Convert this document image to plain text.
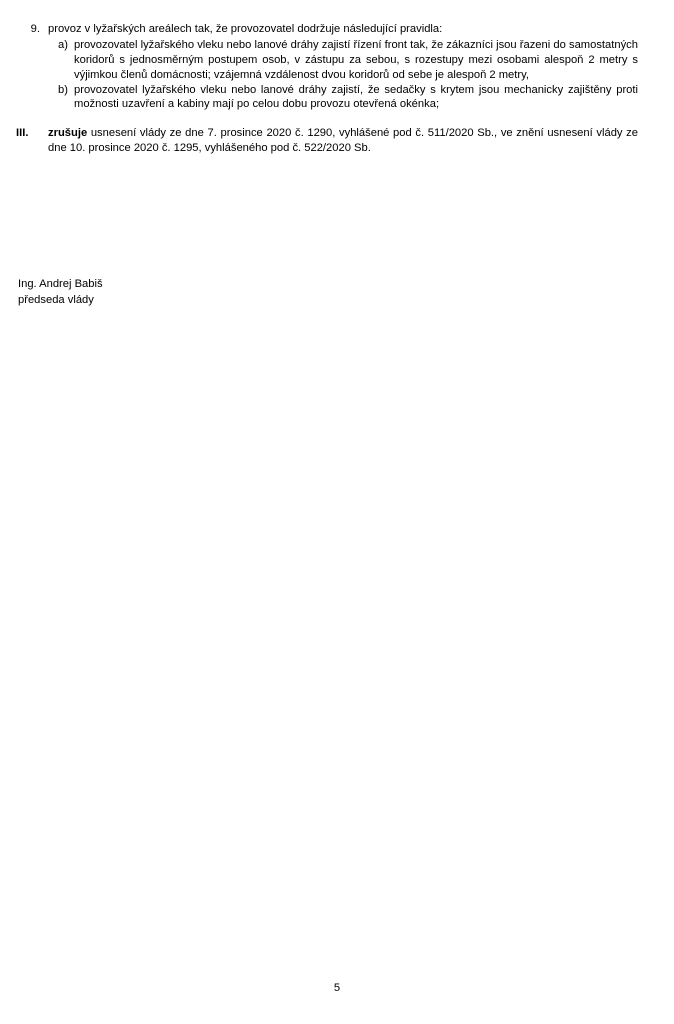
9. provoz v lyžařských areálech tak, že provozovatel dodržuje následující pravidla:
a) provozovatel lyžařského vleku nebo lanové dráhy zajistí řízení front tak, že zákazníci jsou řazeni do samostatných koridorů s jednosměrným postupem osob, v zástupu za sebou, s rozestupy mezi osobami alespoň 2 metry s výjimkou členů domácnosti; vzájemná vzdálenost dvou koridorů od sebe je alespoň 2 metry,
b) provozovatel lyžařského vleku nebo lanové dráhy zajistí, že sedačky s krytem jsou mechanicky zajištěny proti možnosti uzavření a kabiny mají po celou dobu provozu otevřená okénka;
III.	zrušuje usnesení vlády ze dne 7. prosince 2020 č. 1290, vyhlášené pod č. 511/2020 Sb., ve znění usnesení vlády ze dne 10. prosince 2020 č. 1295, vyhlášeného pod č. 522/2020 Sb.
Ing. Andrej Babiš
předseda vlády
5
